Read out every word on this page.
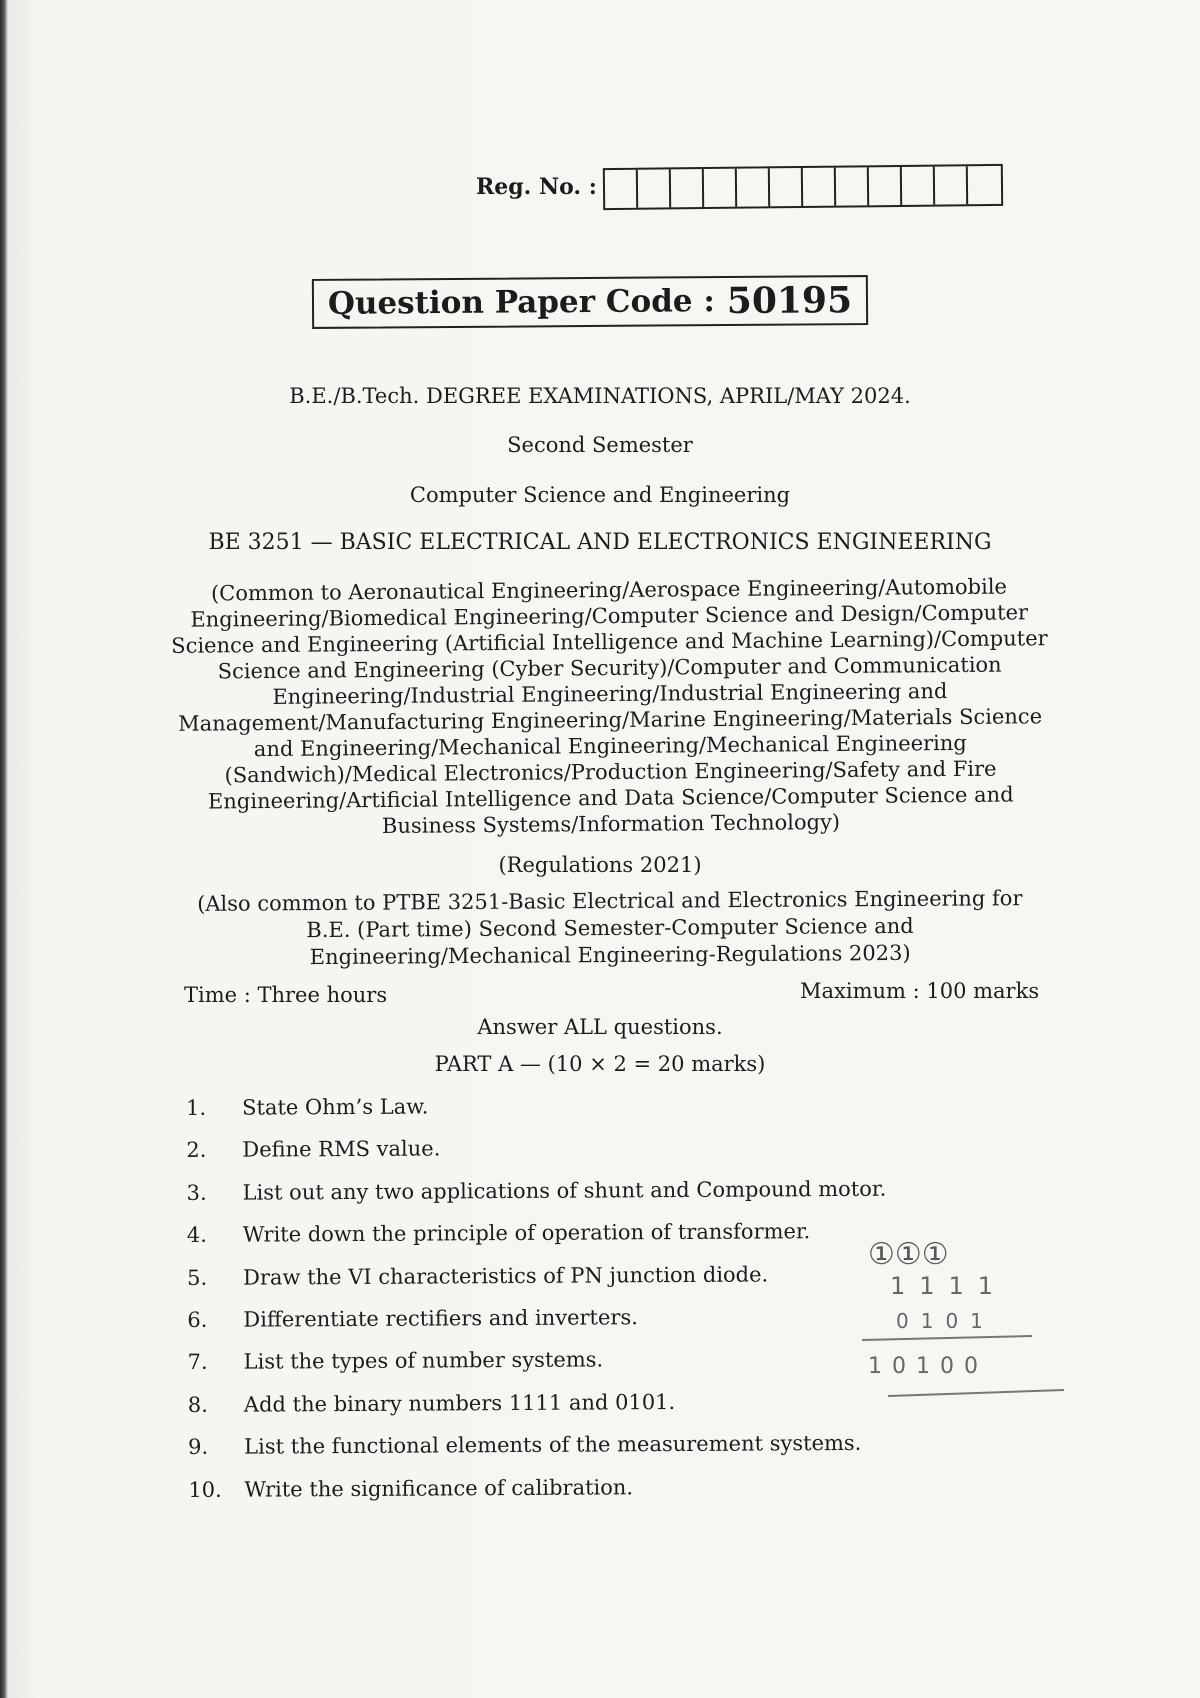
Reg. No. :
Question Paper Code : 50195
B.E./B.Tech. DEGREE EXAMINATIONS, APRIL/MAY 2024.
Second Semester
Computer Science and Engineering
BE 3251 — BASIC ELECTRICAL AND ELECTRONICS ENGINEERING
(Common to Aeronautical Engineering/Aerospace Engineering/Automobile Engineering/Biomedical Engineering/Computer Science and Design/Computer Science and Engineering (Artificial Intelligence and Machine Learning)/Computer Science and Engineering (Cyber Security)/Computer and Communication Engineering/Industrial Engineering/Industrial Engineering and Management/Manufacturing Engineering/Marine Engineering/Materials Science and Engineering/Mechanical Engineering/Mechanical Engineering (Sandwich)/Medical Electronics/Production Engineering/Safety and Fire Engineering/Artificial Intelligence and Data Science/Computer Science and Business Systems/Information Technology)
(Regulations 2021)
(Also common to PTBE 3251-Basic Electrical and Electronics Engineering for B.E. (Part time) Second Semester-Computer Science and Engineering/Mechanical Engineering-Regulations 2023)
Time : Three hours	Maximum : 100 marks
Answer ALL questions.
PART A — (10 × 2 = 20 marks)
1.	State Ohm’s Law.
2.	Define RMS value.
3.	List out any two applications of shunt and Compound motor.
4.	Write down the principle of operation of transformer.
5.	Draw the VI characteristics of PN junction diode.
6.	Differentiate rectifiers and inverters.
7.	List the types of number systems.
8.	Add the binary numbers 1111 and 0101.
9.	List the functional elements of the measurement systems.
10.	Write the significance of calibration.
①①①
1111
0101
10100
